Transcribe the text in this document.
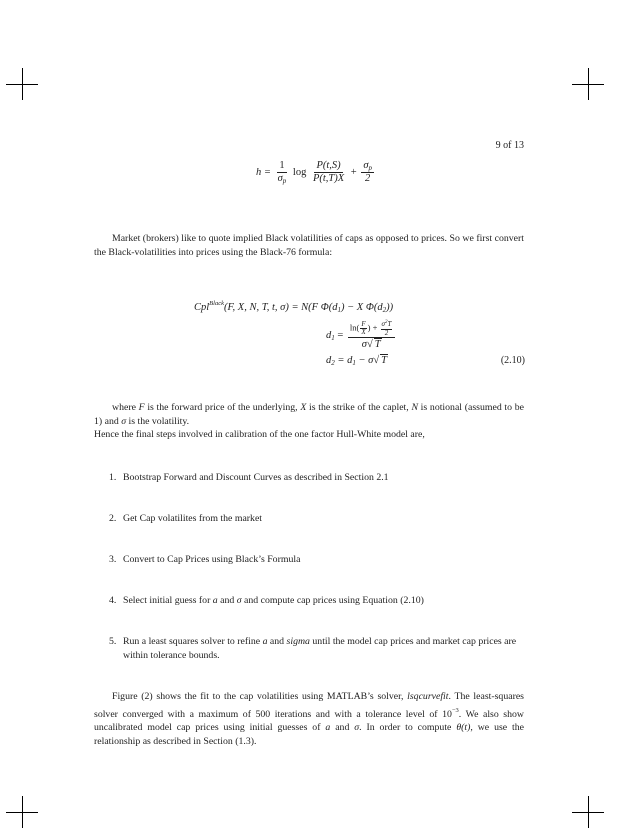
9 of 13
$h = \frac{1}{\sigma_p}$ $\log \frac{P(t,S)}{P(t,T)X} + \frac{\sigma_p}{2}$
Market (brokers) like to quote implied Black volatilities of caps as opposed to prices. So we first convert the Black-volatilities into prices using the Black-76 formula:
Cpl$^{Black}$(F, X, N, T, t, σ) = N(F $\Phi(d_1) - X$ $\Phi(d_2)$)
$d_1 = \frac{\ln( \frac{F}{X} ) + \frac{\sigma^2T}{2}}{\sigma√ T}$
$d_2 = d_1 - \sigma√$ T	(2.10)
where F is the forward price of the underlying, X is the strike of the caplet, N is notional (assumed to be 1) and σ is the volatility.
Hence the final steps involved in calibration of the one factor Hull-White model are,
1. Bootstrap Forward and Discount Curves as described in Section 2.1
2. Get Cap volatilites from the market
3. Convert to Cap Prices using Black’s Formula
4. Select initial guess for a and σ and compute cap prices using Equation (2.10)
5. Run a least squares solver to refine a and sigma until the model cap prices and market cap prices are within tolerance bounds.
Figure (2) shows the fit to the cap volatilities using MATLAB’s solver, lsqcurvefit. The least-squares solver converged with a maximum of 500 iterations and with a tolerance level of $10^{-3}$. We also show uncalibrated model cap prices using initial guesses of a and σ. In order to compute θ(t), we use the relationship as described in Section (1.3).
